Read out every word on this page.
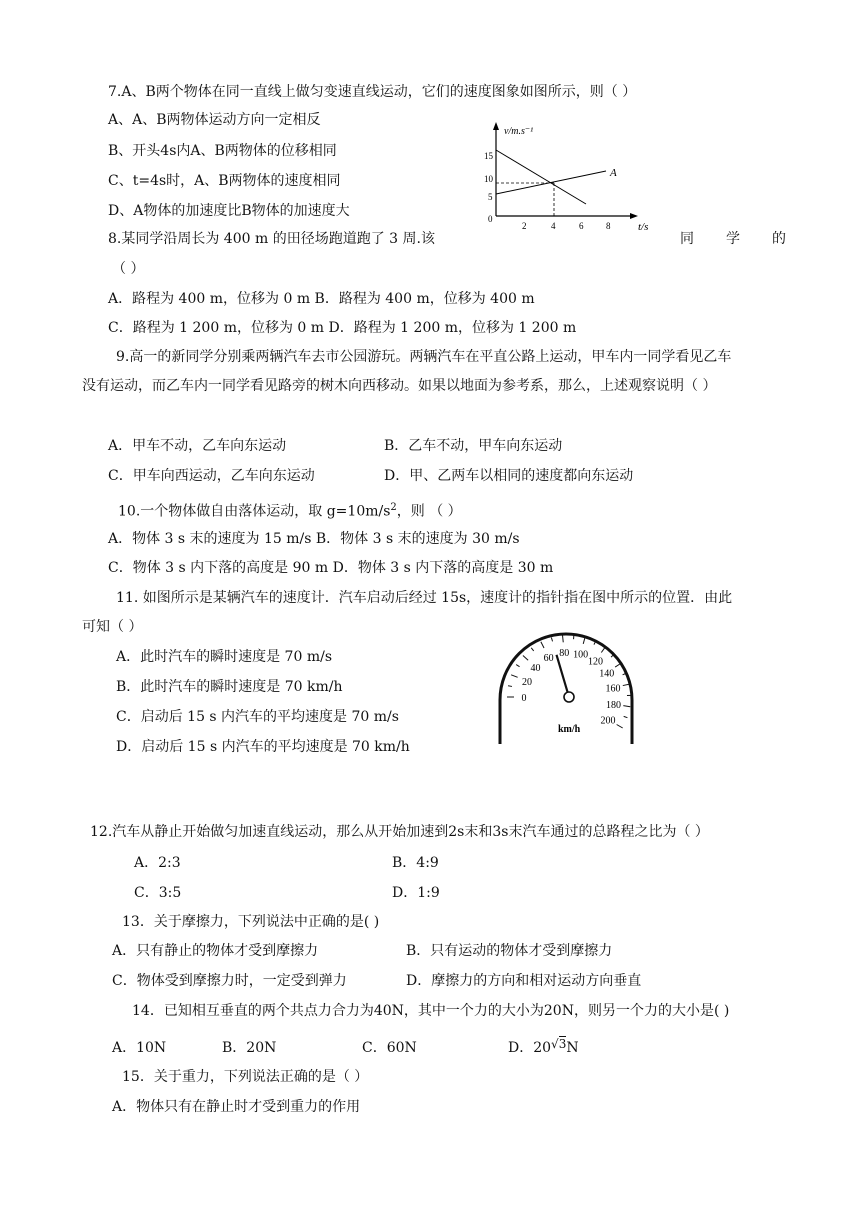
7.A、B两个物体在同一直线上做匀变速直线运动，它们的速度图象如图所示，则（ ）
A、A、B两物体运动方向一定相反
B、开头4s内A、B两物体的位移相同
C、t=4s时，A、B两物体的速度相同
D、A物体的加速度比B物体的加速度大
v/m.s⁻¹
t/s
15
10
5
0
2	4	6	8
A
8.某同学沿周长为 400 m 的田径场跑道跑了 3 周.该	同 学 的
（ ）
A．路程为 400 m，位移为 0 m B．路程为 400 m，位移为 400 m
C．路程为 1 200 m，位移为 0 m D．路程为 1 200 m，位移为 1 200 m
9.高一的新同学分别乘两辆汽车去市公园游玩。两辆汽车在平直公路上运动，甲车内一同学看见乙车
没有运动，而乙车内一同学看见路旁的树木向西移动。如果以地面为参考系，那么，上述观察说明（ ）
A．甲车不动，乙车向东运动	B．乙车不动，甲车向东运动
C．甲车向西运动，乙车向东运动	D．甲、乙两车以相同的速度都向东运动
10.一个物体做自由落体运动，取 $g=10m/s^2$，则 （ ）
A．物体 3 s 末的速度为 15 m/s B．物体 3 s 末的速度为 30 m/s
C．物体 3 s 内下落的高度是 90 m D．物体 3 s 内下落的高度是 30 m
11. 如图所示是某辆汽车的速度计．汽车启动后经过 15s，速度计的指针指在图中所示的位置．由此
可知（ ）
A．此时汽车的瞬时速度是 70 m/s
B．此时汽车的瞬时速度是 70 km/h
C．启动后 15 s 内汽车的平均速度是 70 m/s
D．启动后 15 s 内汽车的平均速度是 70 km/h
0
20
40
60 80 100
120
140
160
180
200
km/h
12.汽车从静止开始做匀加速直线运动，那么从开始加速到2s末和3s末汽车通过的总路程之比为（ ）
A．2:3	B．4:9
C．3:5	D．1:9
13．关于摩擦力，下列说法中正确的是( )
A．只有静止的物体才受到摩擦力	B．只有运动的物体才受到摩擦力
C．物体受到摩擦力时，一定受到弹力	D．摩擦力的方向和相对运动方向垂直
14．已知相互垂直的两个共点力合力为40N，其中一个力的大小为20N，则另一个力的大小是( )
A．10N	B．20N	C．60N	D．20√3N
15．关于重力，下列说法正确的是（ ）
A．物体只有在静止时才受到重力的作用
